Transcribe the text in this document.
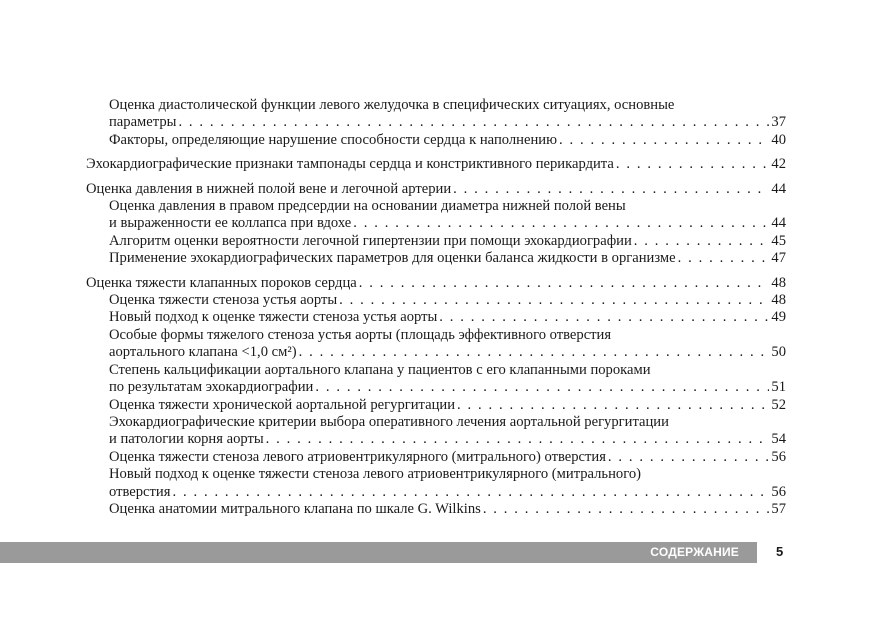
Оценка диастолической функции левого желудочка в специфических ситуациях, основные
параметры . . .	37
Факторы, определяющие нарушение способности сердца к наполнению . . .	40
Эхокардиографические признаки тампонады сердца и констриктивного перикардита . . .	42
Оценка давления в нижней полой вене и легочной артерии . . .	44
Оценка давления в правом предсердии на основании диаметра нижней полой вены
и выраженности ее коллапса при вдохе . . .	44
Алгоритм оценки вероятности легочной гипертензии при помощи эхокардиографии . . .	45
Применение эхокардиографических параметров для оценки баланса жидкости в организме . . .	47
Оценка тяжести клапанных пороков сердца . . .	48
Оценка тяжести стеноза устья аорты . . .	48
Новый подход к оценке тяжести стеноза устья аорты . . .	49
Особые формы тяжелого стеноза устья аорты (площадь эффективного отверстия
аортального клапана <1,0 см²) . . .	50
Степень кальцификации аортального клапана у пациентов с его клапанными пороками
по результатам эхокардиографии . . .	51
Оценка тяжести хронической аортальной регургитации . . .	52
Эхокардиографические критерии выбора оперативного лечения аортальной регургитации
и патологии корня аорты . . .	54
Оценка тяжести стеноза левого атриовентрикулярного (митрального) отверстия . . .	56
Новый подход к оценке тяжести стеноза левого атриовентрикулярного (митрального)
отверстия . . .	56
Оценка анатомии митрального клапана по шкале G. Wilkins . . .	57
СОДЕРЖАНИЕ	5
